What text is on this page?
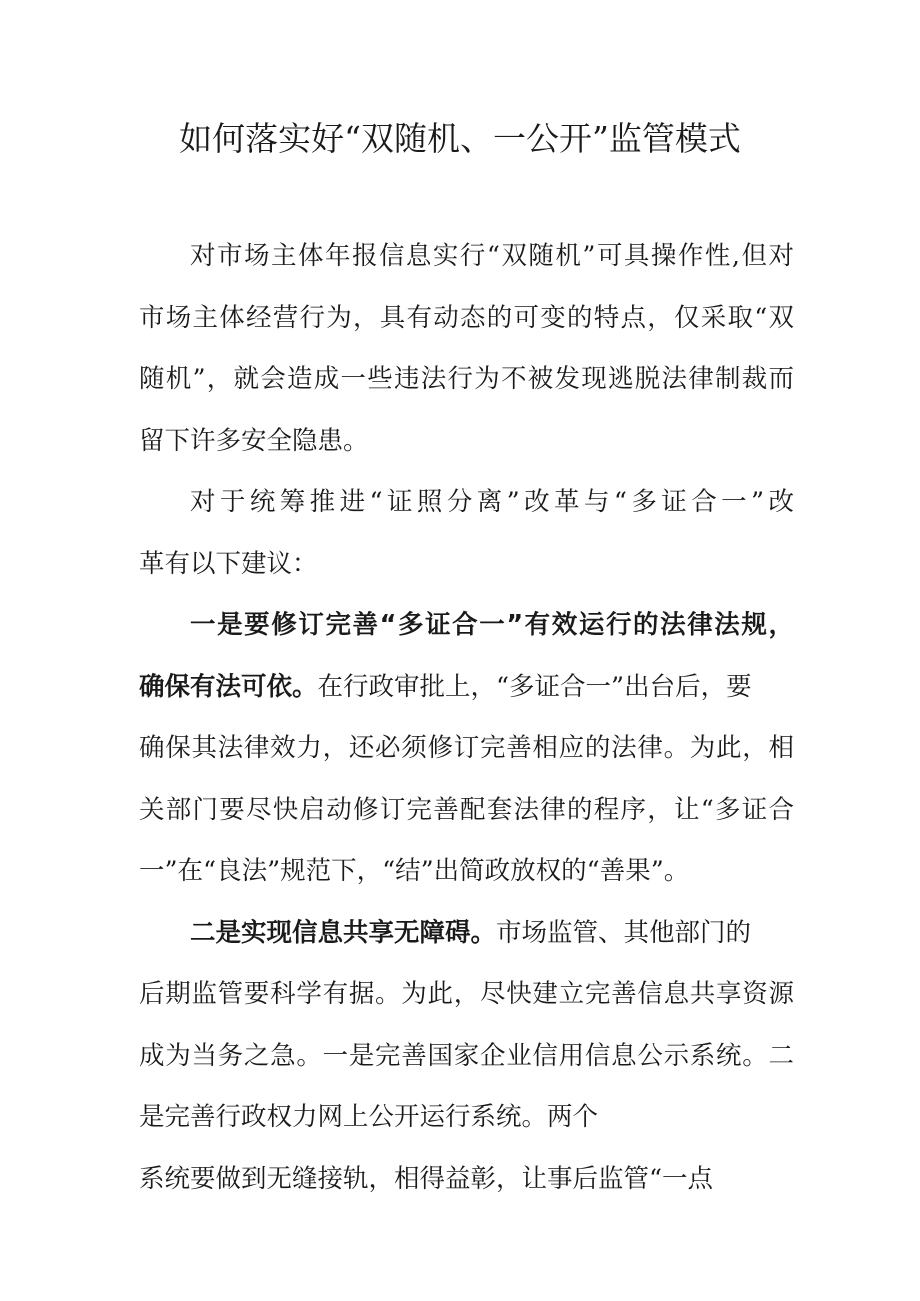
如何落实好“双随机、一公开”监管模式
对市场主体年报信息实行“双随机”可具操作性,但对
市场主体经营行为，具有动态的可变的特点，仅采取“双
随机”，就会造成一些违法行为不被发现逃脱法律制裁而
留下许多安全隐患。
对于统筹推进“证照分离”改革与“多证合一”改
革有以下建议：
一是要修订完善“多证合一”有效运行的法律法规，
确保有法可依。在行政审批上，“多证合一”出台后，要
确保其法律效力，还必须修订完善相应的法律。为此，相
关部门要尽快启动修订完善配套法律的程序，让“多证合
一”在“良法”规范下，“结”出简政放权的“善果”。
二是实现信息共享无障碍。市场监管、其他部门的
后期监管要科学有据。为此，尽快建立完善信息共享资源
成为当务之急。一是完善国家企业信用信息公示系统。二
是完善行政权力网上公开运行系统。两个
系统要做到无缝接轨，相得益彰，让事后监管“一点
